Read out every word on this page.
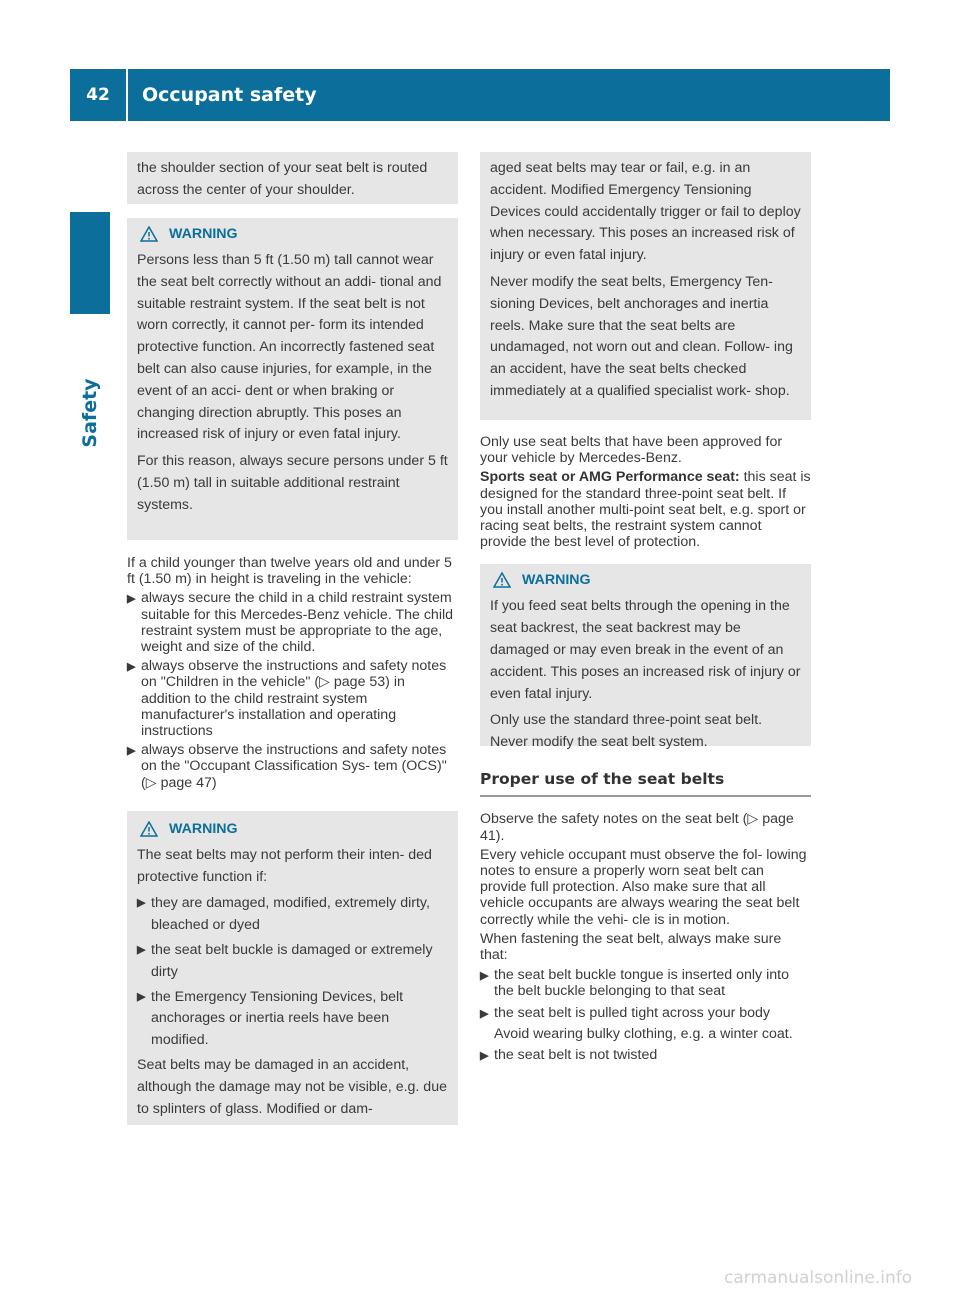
42	Occupant safety
Safety

the shoulder section of your seat belt is routed across the center of your shoulder.

WARNING

Persons less than 5 ft (1.50 m) tall cannot wear the seat belt correctly without an addi- tional and suitable restraint system. If the seat belt is not worn correctly, it cannot per- form its intended protective function. An incorrectly fastened seat belt can also cause injuries, for example, in the event of an acci- dent or when braking or changing direction abruptly. This poses an increased risk of injury or even fatal injury.

For this reason, always secure persons under 5 ft (1.50 m) tall in suitable additional restraint systems.

If a child younger than twelve years old and under 5 ft (1.50 m) in height is traveling in the vehicle:

▶ always secure the child in a child restraint system suitable for this Mercedes-Benz vehicle. The child restraint system must be appropriate to the age, weight and size of the child.
▶ always observe the instructions and safety notes on "Children in the vehicle" (▷ page 53) in addition to the child restraint system manufacturer's installation and operating instructions
▶ always observe the instructions and safety notes on the "Occupant Classification Sys- tem (OCS)" (▷ page 47)
WARNING

The seat belts may not perform their inten- ded protective function if:

▶ they are damaged, modified, extremely dirty, bleached or dyed
▶ the seat belt buckle is damaged or extremely dirty
▶ the Emergency Tensioning Devices, belt anchorages or inertia reels have been modified.

Seat belts may be damaged in an accident, although the damage may not be visible, e.g. due to splinters of glass. Modified or dam-

aged seat belts may tear or fail, e.g. in an accident. Modified Emergency Tensioning Devices could accidentally trigger or fail to deploy when necessary. This poses an increased risk of injury or even fatal injury.

Never modify the seat belts, Emergency Ten- sioning Devices, belt anchorages and inertia reels. Make sure that the seat belts are undamaged, not worn out and clean. Follow- ing an accident, have the seat belts checked immediately at a qualified specialist work- shop.

Only use seat belts that have been approved for your vehicle by Mercedes-Benz.

Sports seat or AMG Performance seat: this seat is designed for the standard three-point seat belt. If you install another multi-point seat belt, e.g. sport or racing seat belts, the restraint system cannot provide the best level of protection.

WARNING

If you feed seat belts through the opening in the seat backrest, the seat backrest may be damaged or may even break in the event of an accident. This poses an increased risk of injury or even fatal injury.

Only use the standard three-point seat belt. Never modify the seat belt system.

Proper use of the seat belts

Observe the safety notes on the seat belt (▷ page 41).

Every vehicle occupant must observe the fol- lowing notes to ensure a properly worn seat belt can provide full protection. Also make sure that all vehicle occupants are always wearing the seat belt correctly while the vehi- cle is in motion.

When fastening the seat belt, always make sure that:

▶ the seat belt buckle tongue is inserted only into the belt buckle belonging to that seat
▶ the seat belt is pulled tight across your body

Avoid wearing bulky clothing, e.g. a winter coat.

▶ the seat belt is not twisted
carmanualsonline.info
